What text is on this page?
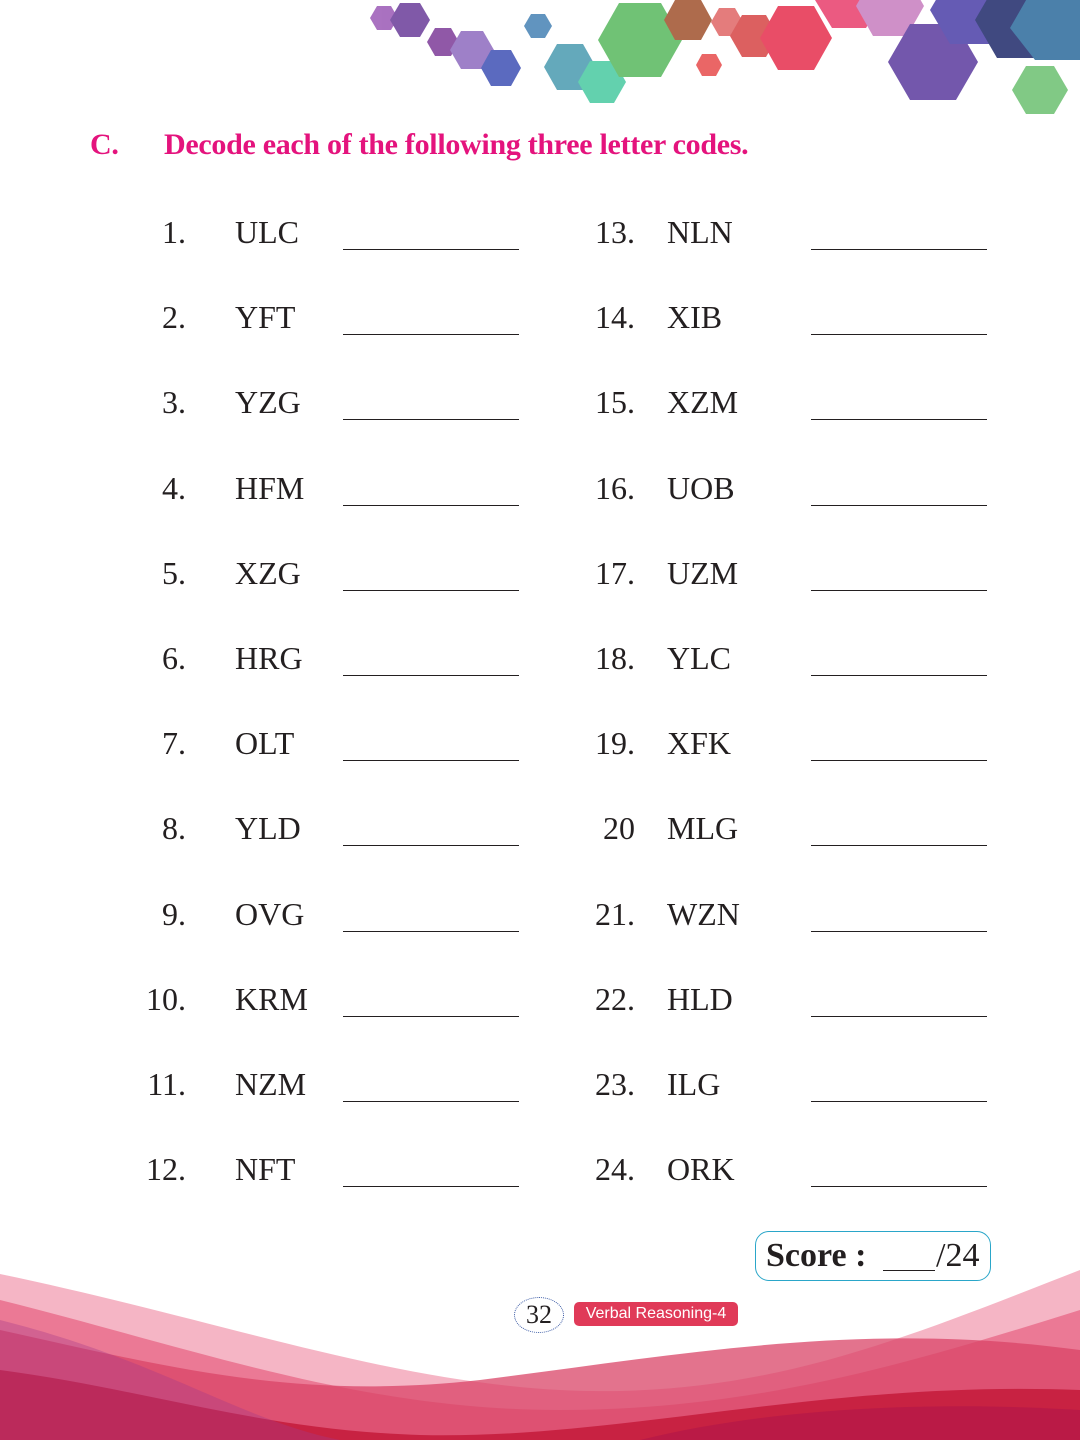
C. Decode each of the following three letter codes.
1. ULC
2. YFT
3. YZG
4. HFM
5. XZG
6. HRG
7. OLT
8. YLD
9. OVG
10. KRM
11. NZM
12. NFT
13. NLN
14. XIB
15. XZM
16. UOB
17. UZM
18. YLC
19. XFK
20 MLG
21. WZN
22. HLD
23. ILG
24. ORK
Score : /24
32	Verbal Reasoning-4
